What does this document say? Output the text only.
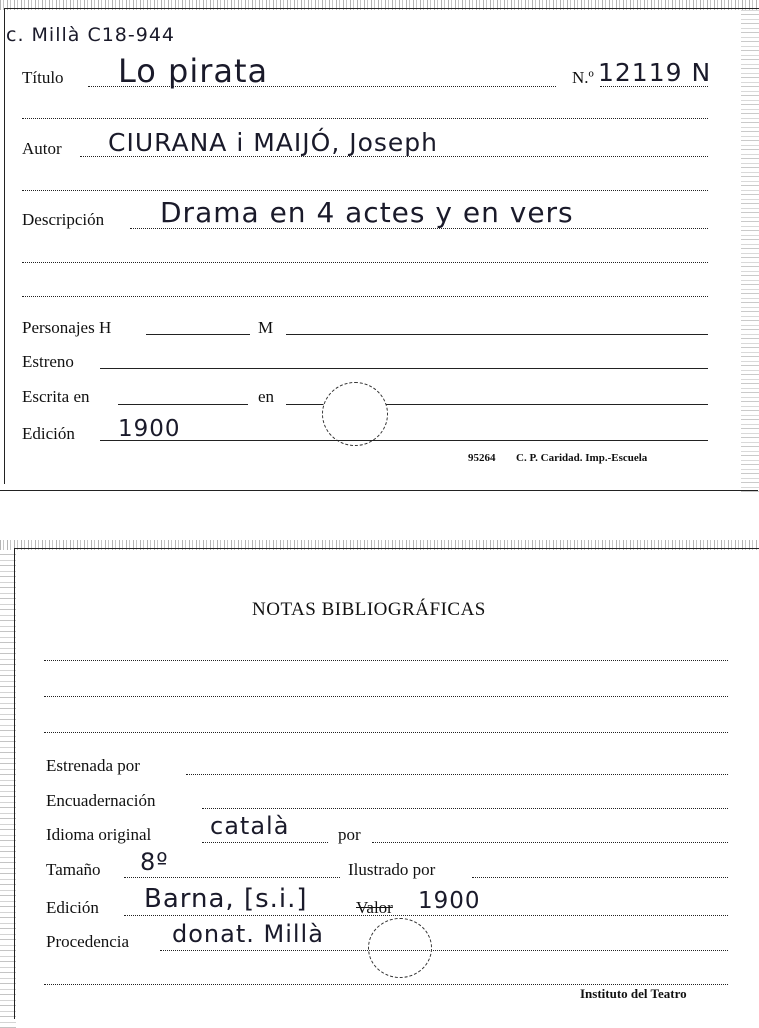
c. Millà C18-944
Título Lo pirata	N.º 12119 N
Autor CIURANA i MAIJÓ, Joseph
Descripción Drama en 4 actes y en vers
Personajes H	M
Estreno
Escrita en	en
Edición 1900
95264 C. P. Caridad. Imp.-Escuela
NOTAS BIBLIOGRÁFICAS
Estrenada por
Encuadernación
Idioma original català	por
Tamaño 8º	Ilustrado por
Edición Barna, [s.i.]	Valor 1900
Procedencia donat. Millà
Instituto del Teatro
